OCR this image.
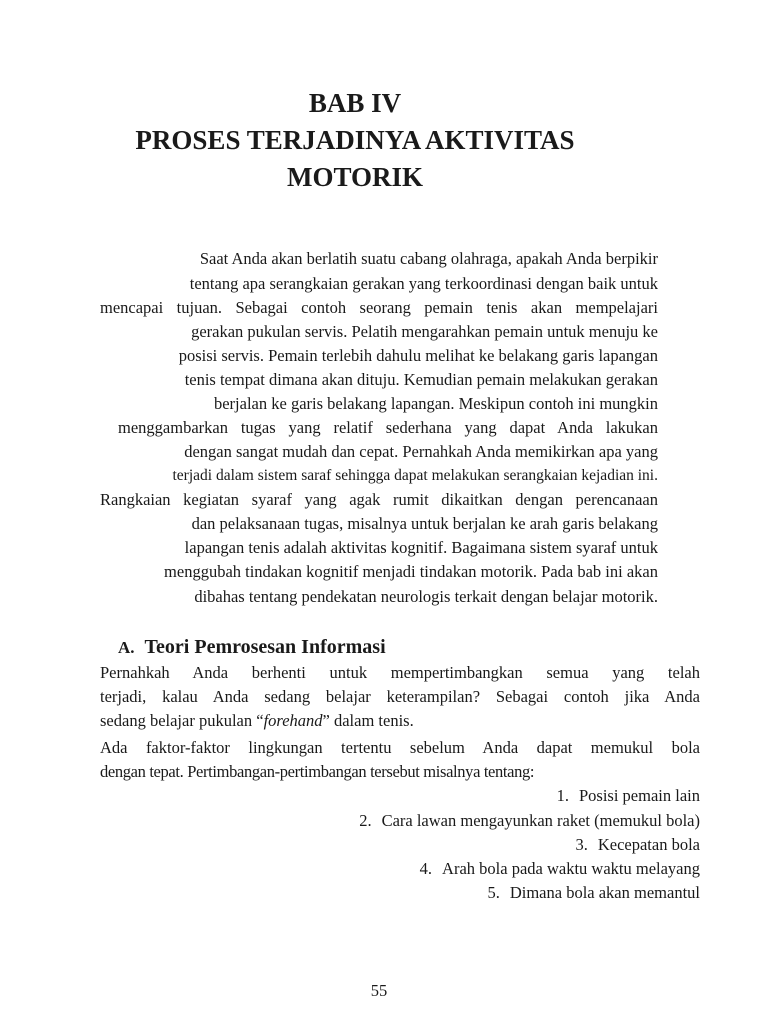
BAB IV
PROSES TERJADINYA AKTIVITAS
MOTORIK
Saat Anda akan berlatih suatu cabang olahraga, apakah Anda berpikir
tentang apa serangkaian gerakan yang terkoordinasi dengan baik untuk
mencapai tujuan. Sebagai contoh seorang pemain tenis akan mempelajari
gerakan pukulan servis. Pelatih mengarahkan pemain untuk menuju ke
posisi servis. Pemain terlebih dahulu melihat ke belakang garis lapangan
tenis tempat dimana akan dituju. Kemudian pemain melakukan gerakan
berjalan ke garis belakang lapangan. Meskipun contoh ini mungkin
menggambarkan tugas yang relatif sederhana yang dapat Anda lakukan
dengan sangat mudah dan cepat. Pernahkah Anda memikirkan apa yang
terjadi dalam sistem saraf sehingga dapat melakukan serangkaian kejadian ini.
Rangkaian kegiatan syaraf yang agak rumit dikaitkan dengan perencanaan
dan pelaksanaan tugas, misalnya untuk berjalan ke arah garis belakang
lapangan tenis adalah aktivitas kognitif. Bagaimana sistem syaraf untuk
menggubah tindakan kognitif menjadi tindakan motorik. Pada bab ini akan
dibahas tentang pendekatan neurologis terkait dengan belajar motorik.
A. Teori Pemrosesan Informasi
Pernahkah Anda berhenti untuk mempertimbangkan semua yang telah
terjadi, kalau Anda sedang belajar keterampilan? Sebagai contoh jika Anda
sedang belajar pukulan “forehand” dalam tenis.
Ada faktor-faktor lingkungan tertentu sebelum Anda dapat memukul bola
dengan tepat. Pertimbangan-pertimbangan tersebut misalnya tentang:
1. Posisi pemain lain
2. Cara lawan mengayunkan raket (memukul bola)
3. Kecepatan bola
4. Arah bola pada waktu waktu melayang
5. Dimana bola akan memantul
55
